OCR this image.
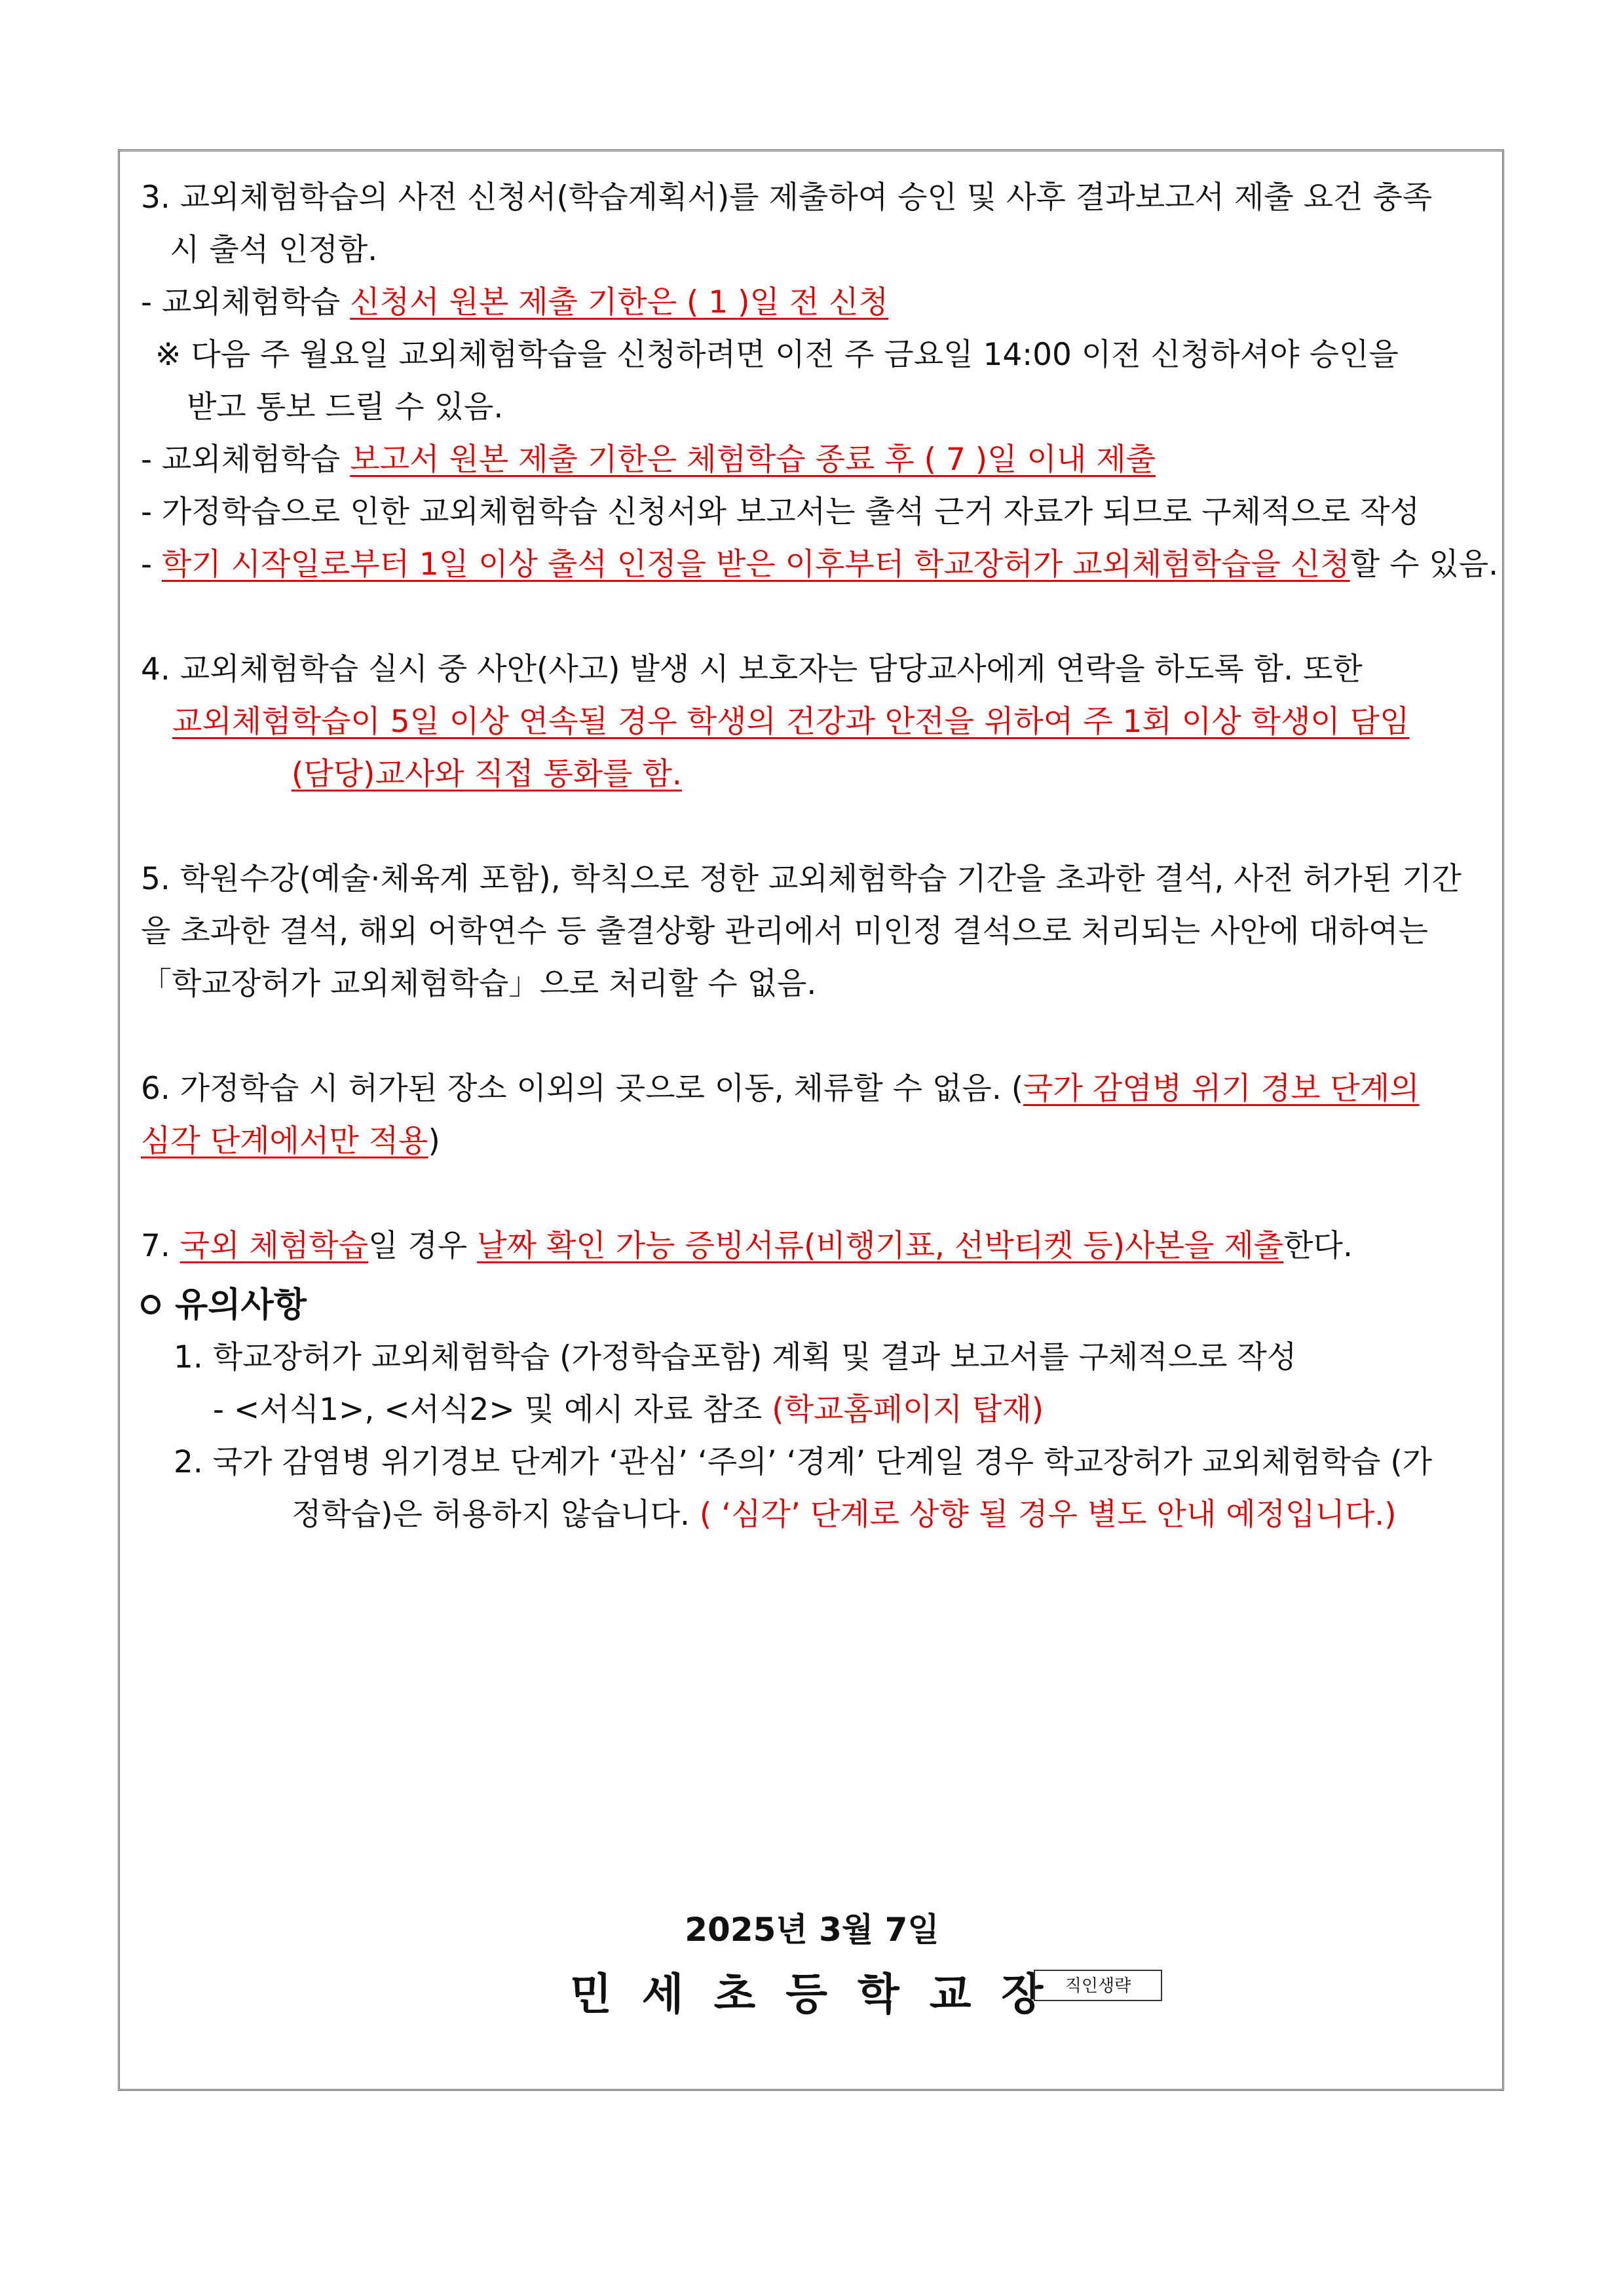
3. 교외체험학습의 사전 신청서(학습계획서)를 제출하여 승인 및 사후 결과보고서 제출 요건 충족
시 출석 인정함.
- 교외체험학습 신청서 원본 제출 기한은 ( 1 )일 전 신청
※ 다음 주 월요일 교외체험학습을 신청하려면 이전 주 금요일 14:00 이전 신청하셔야 승인을
받고 통보 드릴 수 있음.
- 교외체험학습 보고서 원본 제출 기한은 체험학습 종료 후 ( 7 )일 이내 제출
- 가정학습으로 인한 교외체험학습 신청서와 보고서는 출석 근거 자료가 되므로 구체적으로 작성
- 학기 시작일로부터 1일 이상 출석 인정을 받은 이후부터 학교장허가 교외체험학습을 신청할 수 있음.
4. 교외체험학습 실시 중 사안(사고) 발생 시 보호자는 담당교사에게 연락을 하도록 함. 또한
교외체험학습이 5일 이상 연속될 경우 학생의 건강과 안전을 위하여 주 1회 이상 학생이 담임
(담당)교사와 직접 통화를 함.
5. 학원수강(예술·체육계 포함), 학칙으로 정한 교외체험학습 기간을 초과한 결석, 사전 허가된 기간
을 초과한 결석, 해외 어학연수 등 출결상황 관리에서 미인정 결석으로 처리되는 사안에 대하여는
「학교장허가 교외체험학습」으로 처리할 수 없음.
6. 가정학습 시 허가된 장소 이외의 곳으로 이동, 체류할 수 없음. (국가 감염병 위기 경보 단계의
심각 단계에서만 적용)
7. 국외 체험학습일 경우 날짜 확인 가능 증빙서류(비행기표, 선박티켓 등)사본을 제출한다.
유의사항
1. 학교장허가 교외체험학습 (가정학습포함) 계획 및 결과 보고서를 구체적으로 작성
- <서식1>, <서식2> 및 예시 자료 참조 (학교홈페이지 탑재)
2. 국가 감염병 위기경보 단계가 ‘관심’ ‘주의’ ‘경계’ 단계일 경우 학교장허가 교외체험학습 (가
정학습)은 허용하지 않습니다. ( ‘심각’ 단계로 상향 될 경우 별도 안내 예정입니다.)
2025년 3월 7일
민세초등학교장
직인생략
